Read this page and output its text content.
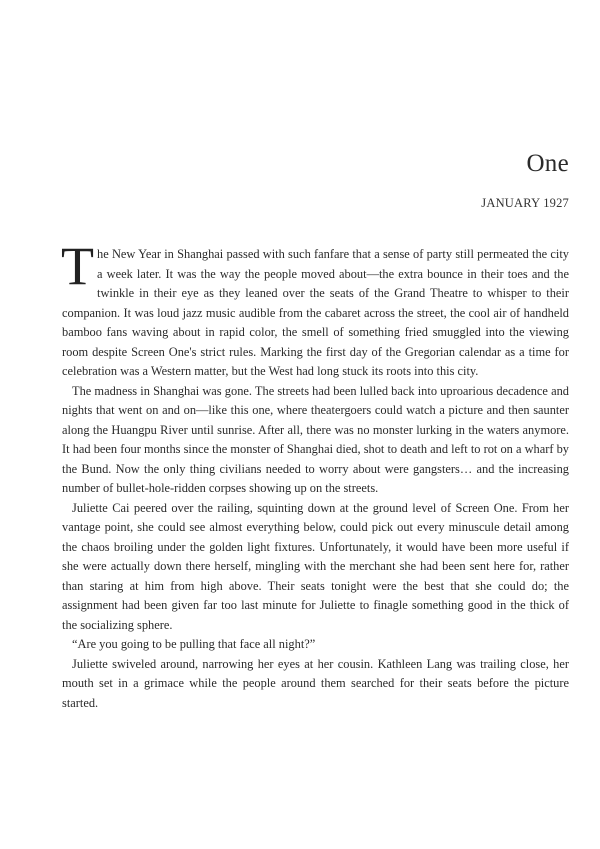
One
JANUARY 1927

The New Year in Shanghai passed with such fanfare that a sense of party still permeated the city a week later. It was the way the people moved about—the extra bounce in their toes and the twinkle in their eye as they leaned over the seats of the Grand Theatre to whisper to their companion. It was loud jazz music audible from the cabaret across the street, the cool air of handheld bamboo fans waving about in rapid color, the smell of something fried smuggled into the viewing room despite Screen One's strict rules. Marking the first day of the Gregorian calendar as a time for celebration was a Western matter, but the West had long stuck its roots into this city.

The madness in Shanghai was gone. The streets had been lulled back into uproarious decadence and nights that went on and on—like this one, where theatergoers could watch a picture and then saunter along the Huangpu River until sunrise. After all, there was no monster lurking in the waters anymore. It had been four months since the monster of Shanghai died, shot to death and left to rot on a wharf by the Bund. Now the only thing civilians needed to worry about were gangsters… and the increasing number of bullet-hole-ridden corpses showing up on the streets.

Juliette Cai peered over the railing, squinting down at the ground level of Screen One. From her vantage point, she could see almost everything below, could pick out every minuscule detail among the chaos broiling under the golden light fixtures. Unfortunately, it would have been more useful if she were actually down there herself, mingling with the merchant she had been sent here for, rather than staring at him from high above. Their seats tonight were the best that she could do; the assignment had been given far too last minute for Juliette to finagle something good in the thick of the socializing sphere.

“Are you going to be pulling that face all night?”

Juliette swiveled around, narrowing her eyes at her cousin. Kathleen Lang was trailing close, her mouth set in a grimace while the people around them searched for their seats before the picture started.
